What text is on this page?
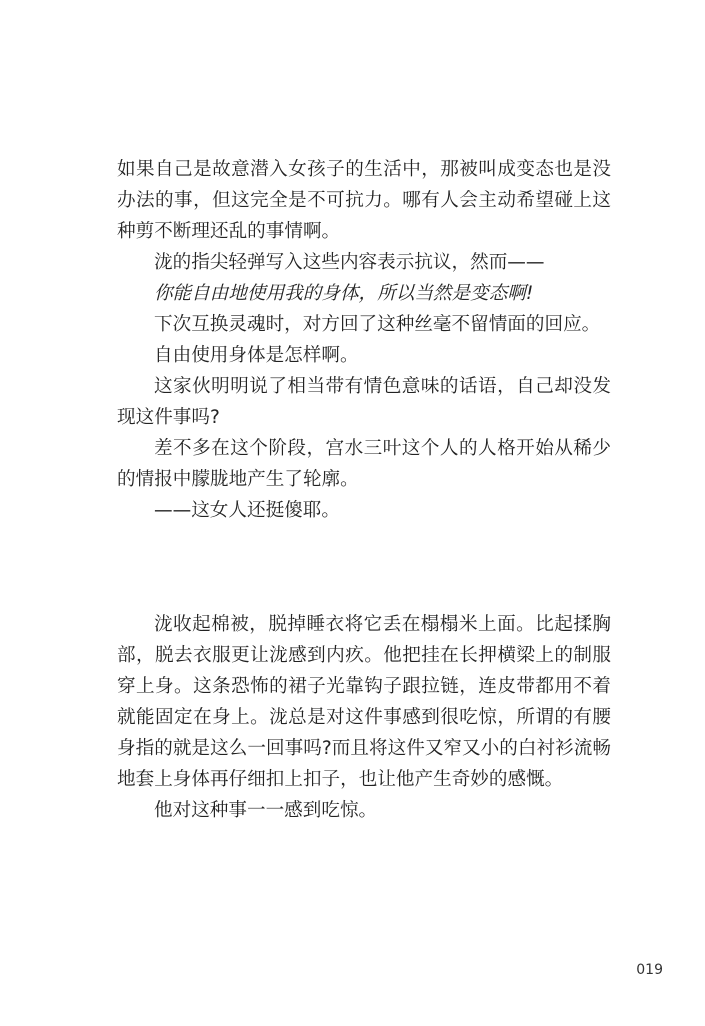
如果自己是故意潜入女孩子的生活中，那被叫成变态也是没办法的事，但这完全是不可抗力。哪有人会主动希望碰上这种剪不断理还乱的事情啊。

泷的指尖轻弹写入这些内容表示抗议，然而——

你能自由地使用我的身体，所以当然是变态啊!

下次互换灵魂时，对方回了这种丝毫不留情面的回应。

自由使用身体是怎样啊。

这家伙明明说了相当带有情色意味的话语，自己却没发现这件事吗?

差不多在这个阶段，宫水三叶这个人的人格开始从稀少的情报中朦胧地产生了轮廓。

——这女人还挺傻耶。

泷收起棉被，脱掉睡衣将它丢在榻榻米上面。比起揉胸部，脱去衣服更让泷感到内疚。他把挂在长押横梁上的制服穿上身。这条恐怖的裙子光靠钩子跟拉链，连皮带都用不着就能固定在身上。泷总是对这件事感到很吃惊，所谓的有腰身指的就是这么一回事吗?而且将这件又窄又小的白衬衫流畅地套上身体再仔细扣上扣子，也让他产生奇妙的感慨。

他对这种事一一感到吃惊。

019
